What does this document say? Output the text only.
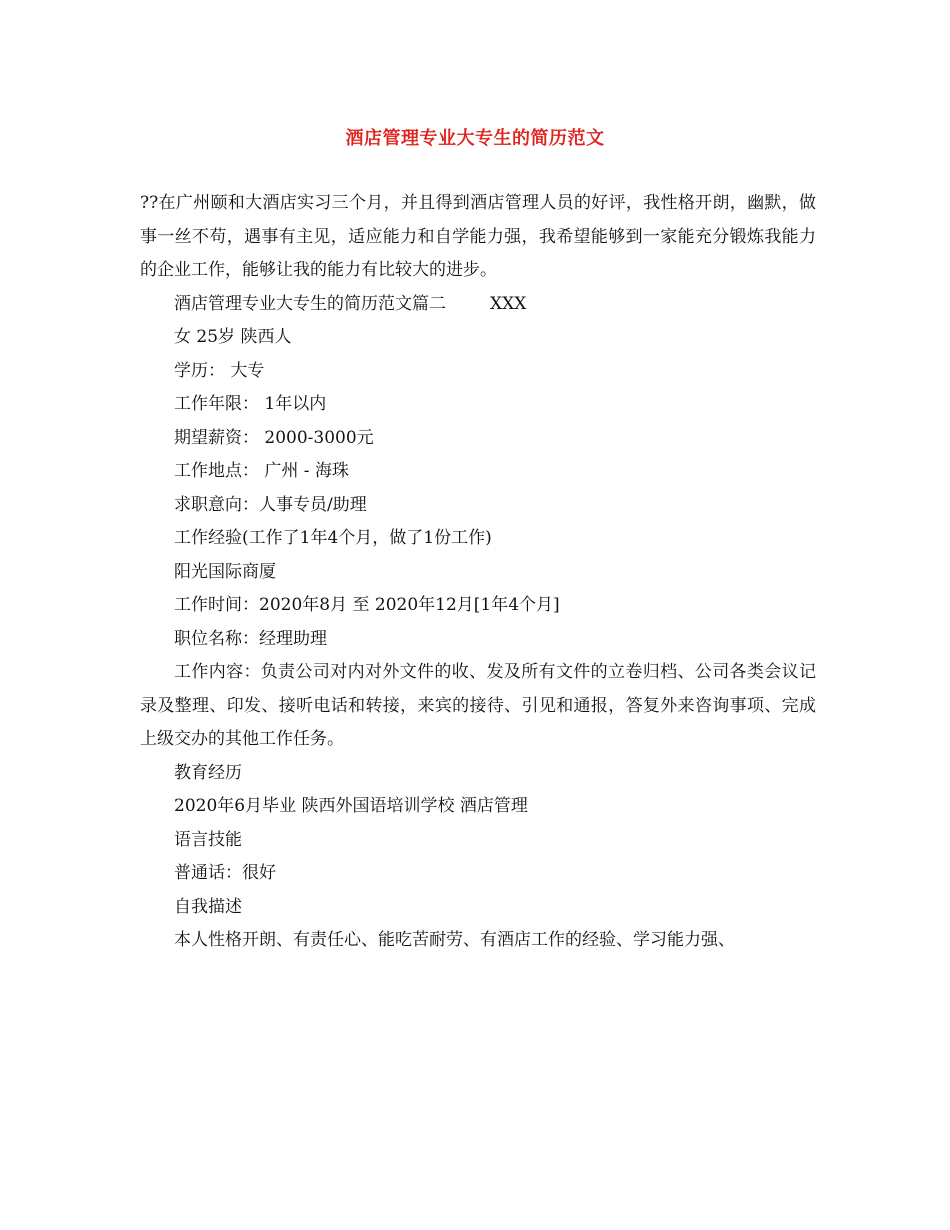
酒店管理专业大专生的简历范文

??在广州颐和大酒店实习三个月，并且得到酒店管理人员的好评，我性格开朗，幽默，做事一丝不苟，遇事有主见，适应能力和自学能力强，我希望能够到一家能充分锻炼我能力的企业工作，能够让我的能力有比较大的进步。

酒店管理专业大专生的简历范文篇二	XXX

女 25岁 陕西人

学历： 大专

工作年限： 1年以内

期望薪资： 2000-3000元

工作地点： 广州 - 海珠

求职意向：人事专员/助理

工作经验(工作了1年4个月，做了1份工作)

阳光国际商厦

工作时间：2020年8月 至 2020年12月[1年4个月]

职位名称：经理助理

工作内容：负责公司对内对外文件的收、发及所有文件的立卷归档、公司各类会议记录及整理、印发、接听电话和转接，来宾的接待、引见和通报，答复外来咨询事项、完成上级交办的其他工作任务。

教育经历

2020年6月毕业 陕西外国语培训学校 酒店管理

语言技能

普通话：很好

自我描述

本人性格开朗、有责任心、能吃苦耐劳、有酒店工作的经验、学习能力强、
